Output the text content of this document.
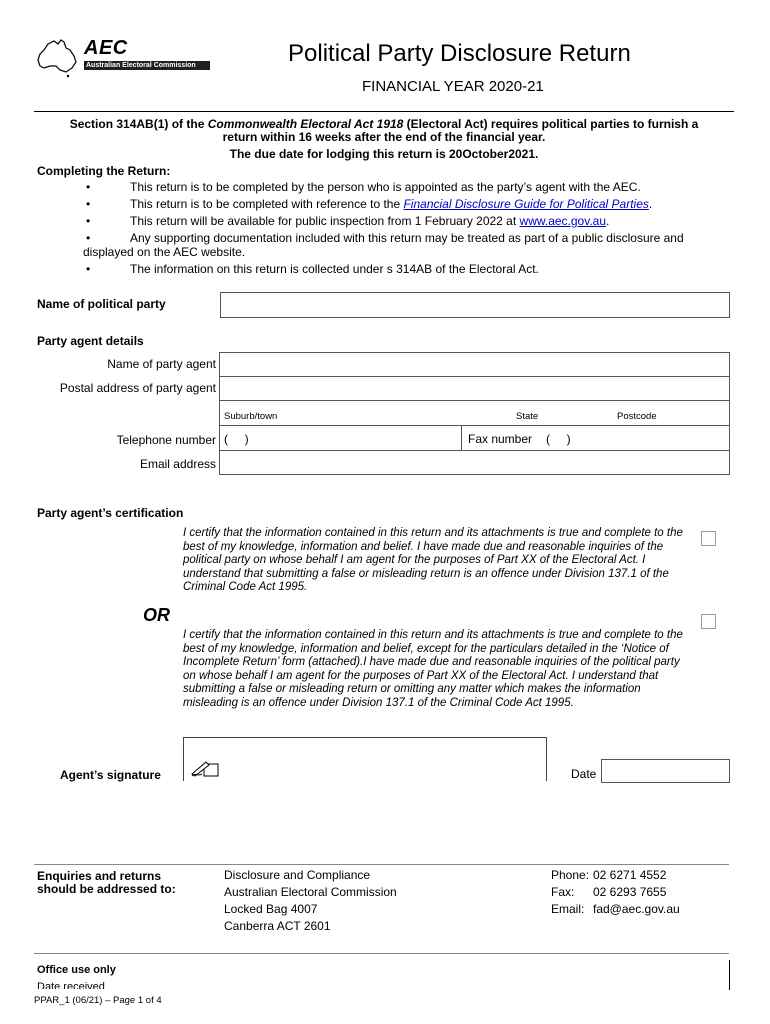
AEC
Australian Electoral Commission	Political Party Disclosure Return
FINANCIAL YEAR 2020-21
Section 314AB(1) of the Commonwealth Electoral Act 1918 (Electoral Act) requires political parties to furnish a
return within 16 weeks after the end of the financial year.
The due date for lodging this return is 20October2021.
Completing the Return:
•	This return is to be completed by the person who is appointed as the party’s agent with the AEC.
•	This return is to be completed with reference to the Financial Disclosure Guide for Political Parties.
•	This return will be available for public inspection from 1 February 2022 at www.aec.gov.au.
•	Any supporting documentation included with this return may be treated as part of a public disclosure and
displayed on the AEC website.
•	The information on this return is collected under s 314AB of the Electoral Act.
Name of political party
Party agent details
Name of party agent
Postal address of party agent
Suburb/town	State	Postcode
Telephone number (     )	Fax number (     )
Email address
Party agent’s certification
I certify that the information contained in this return and its attachments is true and complete to the best of my knowledge, information and belief. I have made due and reasonable inquiries of the political party on whose behalf I am agent for the purposes of Part XX of the Electoral Act. I understand that submitting a false or misleading return is an offence under Division 137.1 of the Criminal Code Act 1995.
OR
I certify that the information contained in this return and its attachments is true and complete to the best of my knowledge, information and belief, except for the particulars detailed in the ‘Notice of Incomplete Return’ form (attached).I have made due and reasonable inquiries of the political party on whose behalf I am agent for the purposes of Part XX of the Electoral Act. I understand that submitting a false or misleading return or omitting any matter which makes the information misleading is an offence under Division 137.1 of the Criminal Code Act 1995.
Agent’s signature	Date
Enquiries and returns
should be addressed to:
Disclosure and Compliance
Australian Electoral Commission
Locked Bag 4007
Canberra ACT 2601
Phone: 02 6271 4552
Fax: 02 6293 7655
Email: fad@aec.gov.au
Office use only
Date received
PPAR_1 (06/21) – Page 1 of 4
